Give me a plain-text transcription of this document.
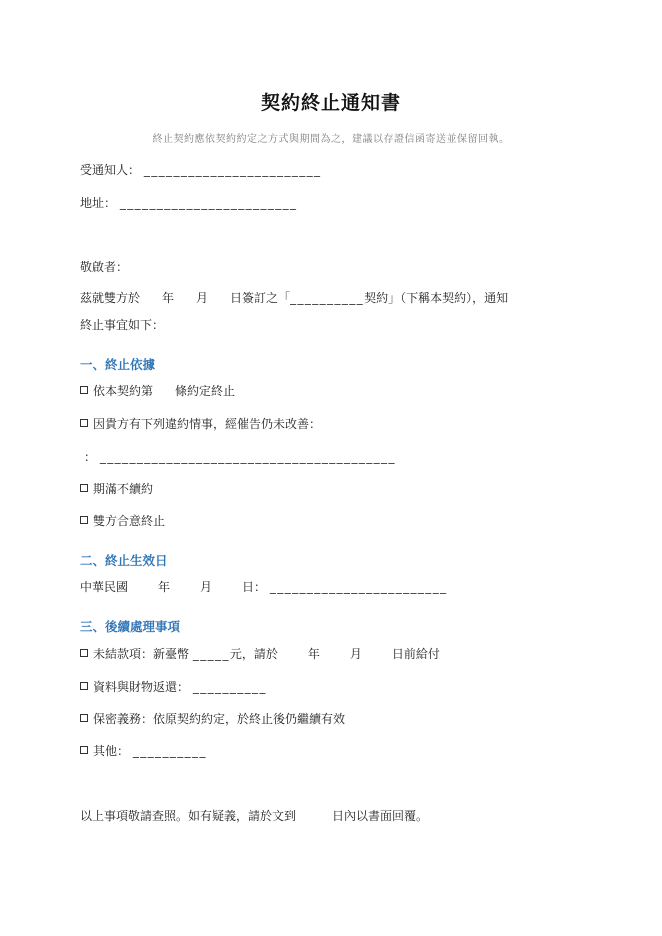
契約終止通知書
終止契約應依契約約定之方式與期間為之，建議以存證信函寄送並保留回執。
受通知人： ________________________
地址： ________________________
敬啟者：
茲就雙方於 年 月 日簽訂之「__________契約」（下稱本契約），通知
終止事宜如下：
一、終止依據
依本契約第 條約定終止
因貴方有下列違約情事，經催告仍未改善：
： ________________________________________
期滿不續約
雙方合意終止
二、終止生效日
中華民國	年	月	日： ________________________
三、後續處理事項
未結款項：新臺幣 _____元，請於	年	月	日前給付
資料與財物返還： __________
保密義務：依原契約約定，於終止後仍繼續有效
其他： __________
以上事項敬請查照。如有疑義，請於文到	日內以書面回覆。
